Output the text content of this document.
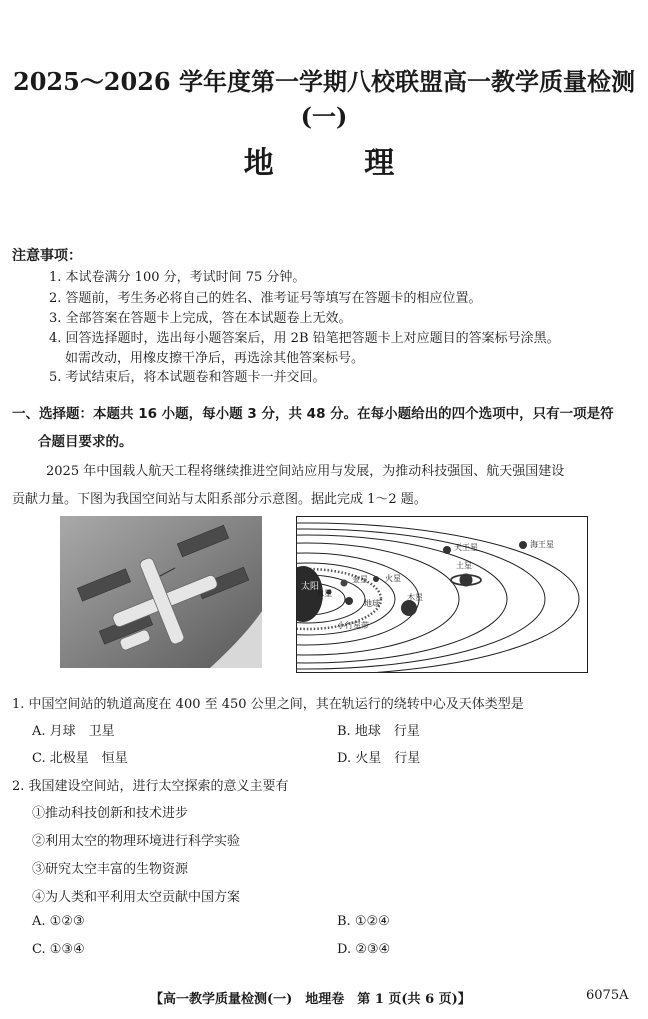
2025～2026 学年度第一学期八校联盟高一教学质量检测(一)
地 理
注意事项：
1. 本试卷满分 100 分，考试时间 75 分钟。
2. 答题前，考生务必将自己的姓名、准考证号等填写在答题卡的相应位置。
3. 全部答案在答题卡上完成，答在本试题卷上无效。
4. 回答选择题时，选出每小题答案后，用 2B 铅笔把答题卡上对应题目的答案标号涂黑。
如需改动，用橡皮擦干净后，再选涂其他答案标号。
5. 考试结束后，将本试题卷和答题卡一并交回。
一、选择题：本题共 16 小题，每小题 3 分，共 48 分。在每小题给出的四个选项中，只有一项是符
合题目要求的。
2025 年中国载人航天工程将继续推进空间站应用与发展，为推动科技强国、航天强国建设
贡献力量。下图为我国空间站与太阳系部分示意图。据此完成 1～2 题。
太阳
水星
金星
地球
火星
木星
土星
天王星	海王星
小行星带
1. 中国空间站的轨道高度在 400 至 450 公里之间，其在轨运行的绕转中心及天体类型是
A. 月球　卫星	B. 地球　行星
C. 北极星　恒星	D. 火星　行星
2. 我国建设空间站，进行太空探索的意义主要有
①推动科技创新和技术进步
②利用太空的物理环境进行科学实验
③研究太空丰富的生物资源
④为人类和平利用太空贡献中国方案
A. ①②③	B. ①②④
C. ①③④	D. ②③④
【高一教学质量检测(一)　地理卷　第 1 页(共 6 页)】	6075A
